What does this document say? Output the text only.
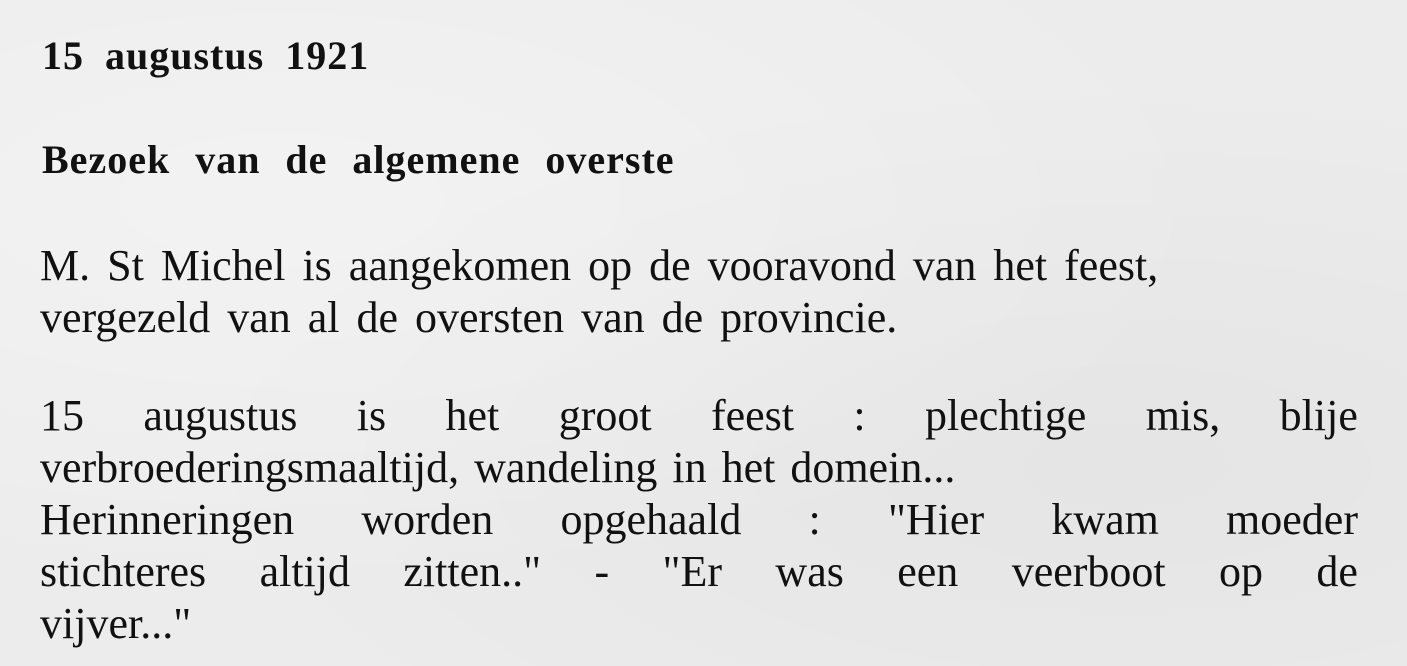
15 augustus 1921
Bezoek van de algemene overste
M. St Michel is aangekomen op de vooravond van het feest,
vergezeld van al de oversten van de provincie.
15 augustus is het groot feest : plechtige mis, blije
verbroederingsmaaltijd, wandeling in het domein...
Herinneringen worden opgehaald : "Hier kwam moeder
stichteres altijd zitten.." - "Er was een veerboot op de
vijver..."
